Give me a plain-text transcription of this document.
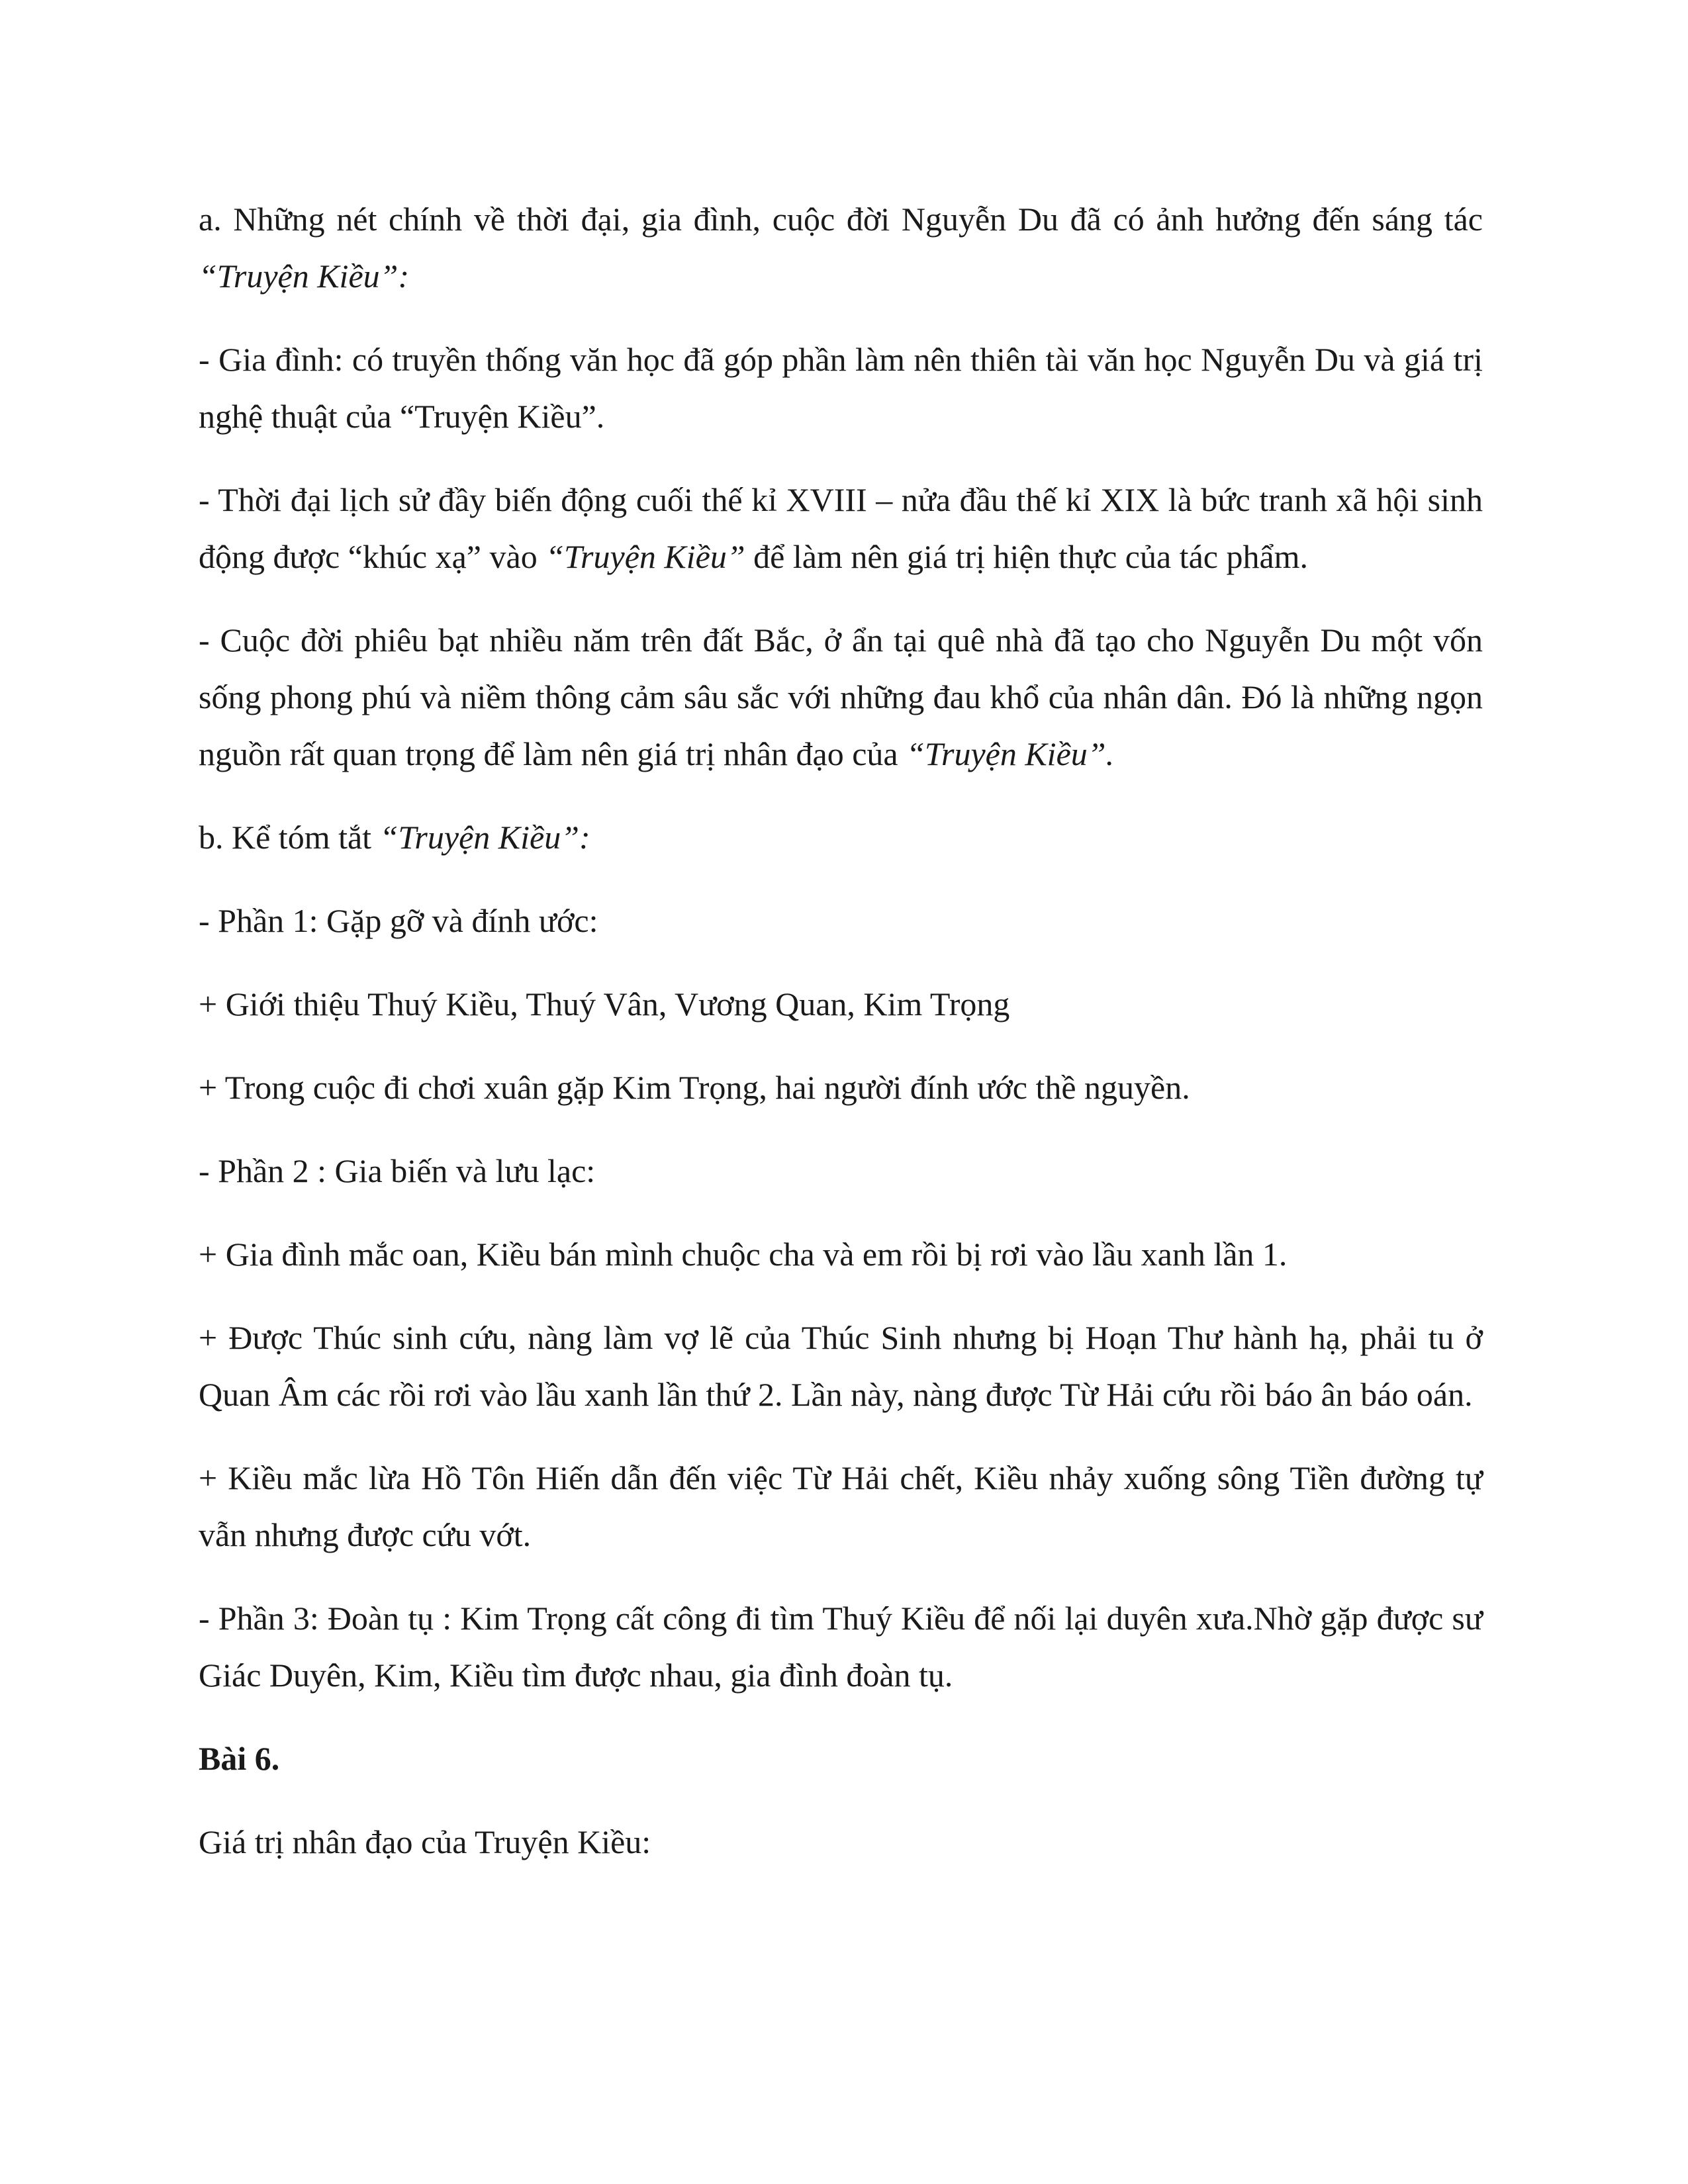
a. Những nét chính về thời đại, gia đình, cuộc đời Nguyễn Du đã có ảnh hưởng đến sáng tác “Truyện Kiều”:

- Gia đình: có truyền thống văn học đã góp phần làm nên thiên tài văn học Nguyễn Du và giá trị nghệ thuật của “Truyện Kiều”.

- Thời đại lịch sử đầy biến động cuối thế kỉ XVIII – nửa đầu thế kỉ XIX là bức tranh xã hội sinh động được “khúc xạ” vào “Truyện Kiều” để làm nên giá trị hiện thực của tác phẩm.

- Cuộc đời phiêu bạt nhiều năm trên đất Bắc, ở ẩn tại quê nhà đã tạo cho Nguyễn Du một vốn sống phong phú và niềm thông cảm sâu sắc với những đau khổ của nhân dân. Đó là những ngọn nguồn rất quan trọng để làm nên giá trị nhân đạo của “Truyện Kiều”.

b. Kể tóm tắt “Truyện Kiều”:

- Phần 1: Gặp gỡ và đính ước:

+ Giới thiệu Thuý Kiều, Thuý Vân, Vương Quan, Kim Trọng

+ Trong cuộc đi chơi xuân gặp Kim Trọng, hai người đính ước thề nguyền.

- Phần 2 : Gia biến và lưu lạc:

+ Gia đình mắc oan, Kiều bán mình chuộc cha và em rồi bị rơi vào lầu xanh lần 1.

+ Được Thúc sinh cứu, nàng làm vợ lẽ của Thúc Sinh nhưng bị Hoạn Thư hành hạ, phải tu ở Quan Âm các rồi rơi vào lầu xanh lần thứ 2. Lần này, nàng được Từ Hải cứu rồi báo ân báo oán.

+ Kiều mắc lừa Hồ Tôn Hiến dẫn đến việc Từ Hải chết, Kiều nhảy xuống sông Tiền đường tự vẫn nhưng được cứu vớt.

- Phần 3: Đoàn tụ : Kim Trọng cất công đi tìm Thuý Kiều để nối lại duyên xưa.Nhờ gặp được sư Giác Duyên, Kim, Kiều tìm được nhau, gia đình đoàn tụ.

Bài 6.

Giá trị nhân đạo của Truyện Kiều:
